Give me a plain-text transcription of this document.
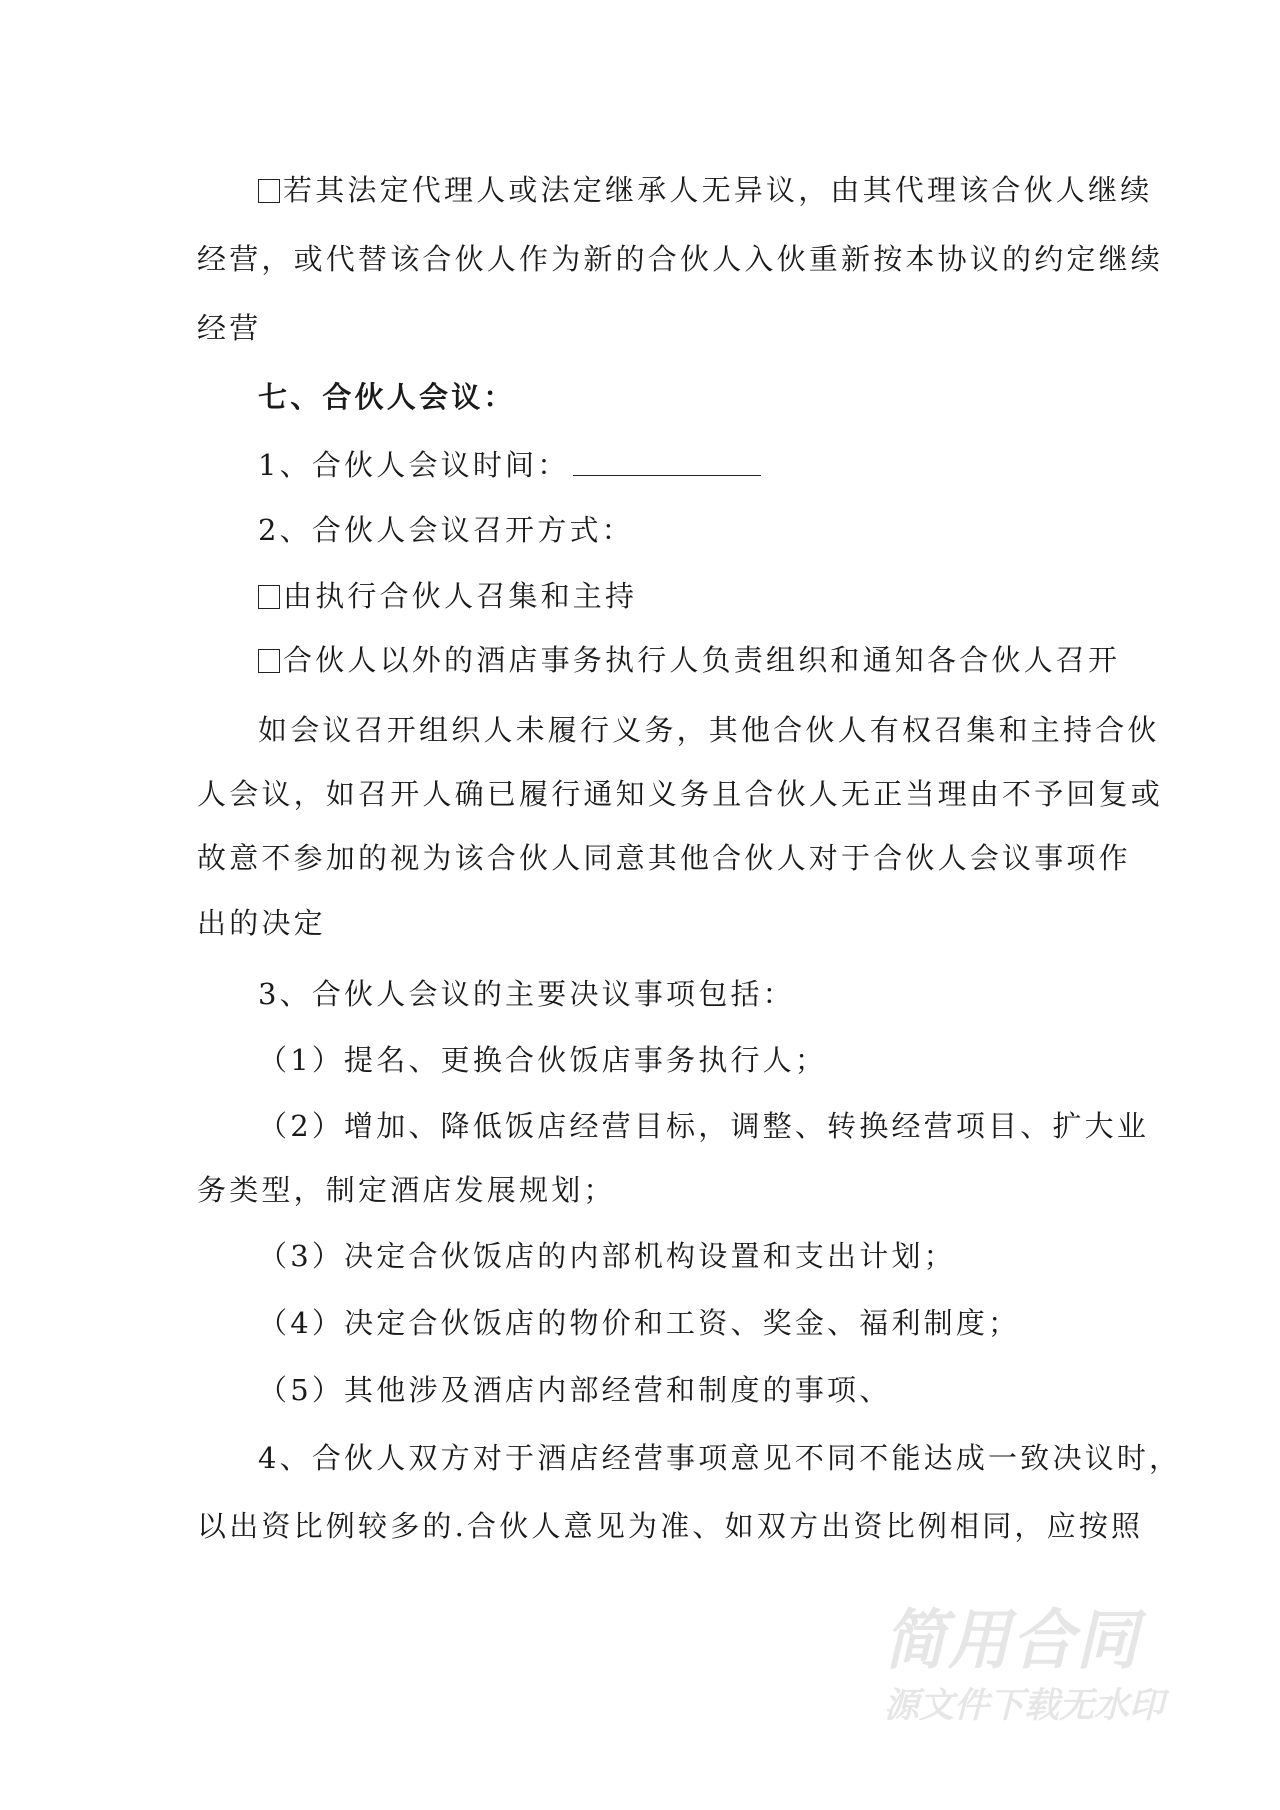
若其法定代理人或法定继承人无异议，由其代理该合伙人继续
经营，或代替该合伙人作为新的合伙人入伙重新按本协议的约定继续
经营
七、合伙人会议：
1、合伙人会议时间：
2、合伙人会议召开方式：
由执行合伙人召集和主持
合伙人以外的酒店事务执行人负责组织和通知各合伙人召开
如会议召开组织人未履行义务，其他合伙人有权召集和主持合伙
人会议，如召开人确已履行通知义务且合伙人无正当理由不予回复或
故意不参加的视为该合伙人同意其他合伙人对于合伙人会议事项作
出的决定
3、合伙人会议的主要决议事项包括：
（1）提名、更换合伙饭店事务执行人；
（2）增加、降低饭店经营目标，调整、转换经营项目、扩大业
务类型，制定酒店发展规划；
（3）决定合伙饭店的内部机构设置和支出计划；
（4）决定合伙饭店的物价和工资、奖金、福利制度；
（5）其他涉及酒店内部经营和制度的事项、
4、合伙人双方对于酒店经营事项意见不同不能达成一致决议时，
以出资比例较多的.合伙人意见为准、如双方出资比例相同，应按照
简用合同
源文件下载无水印
